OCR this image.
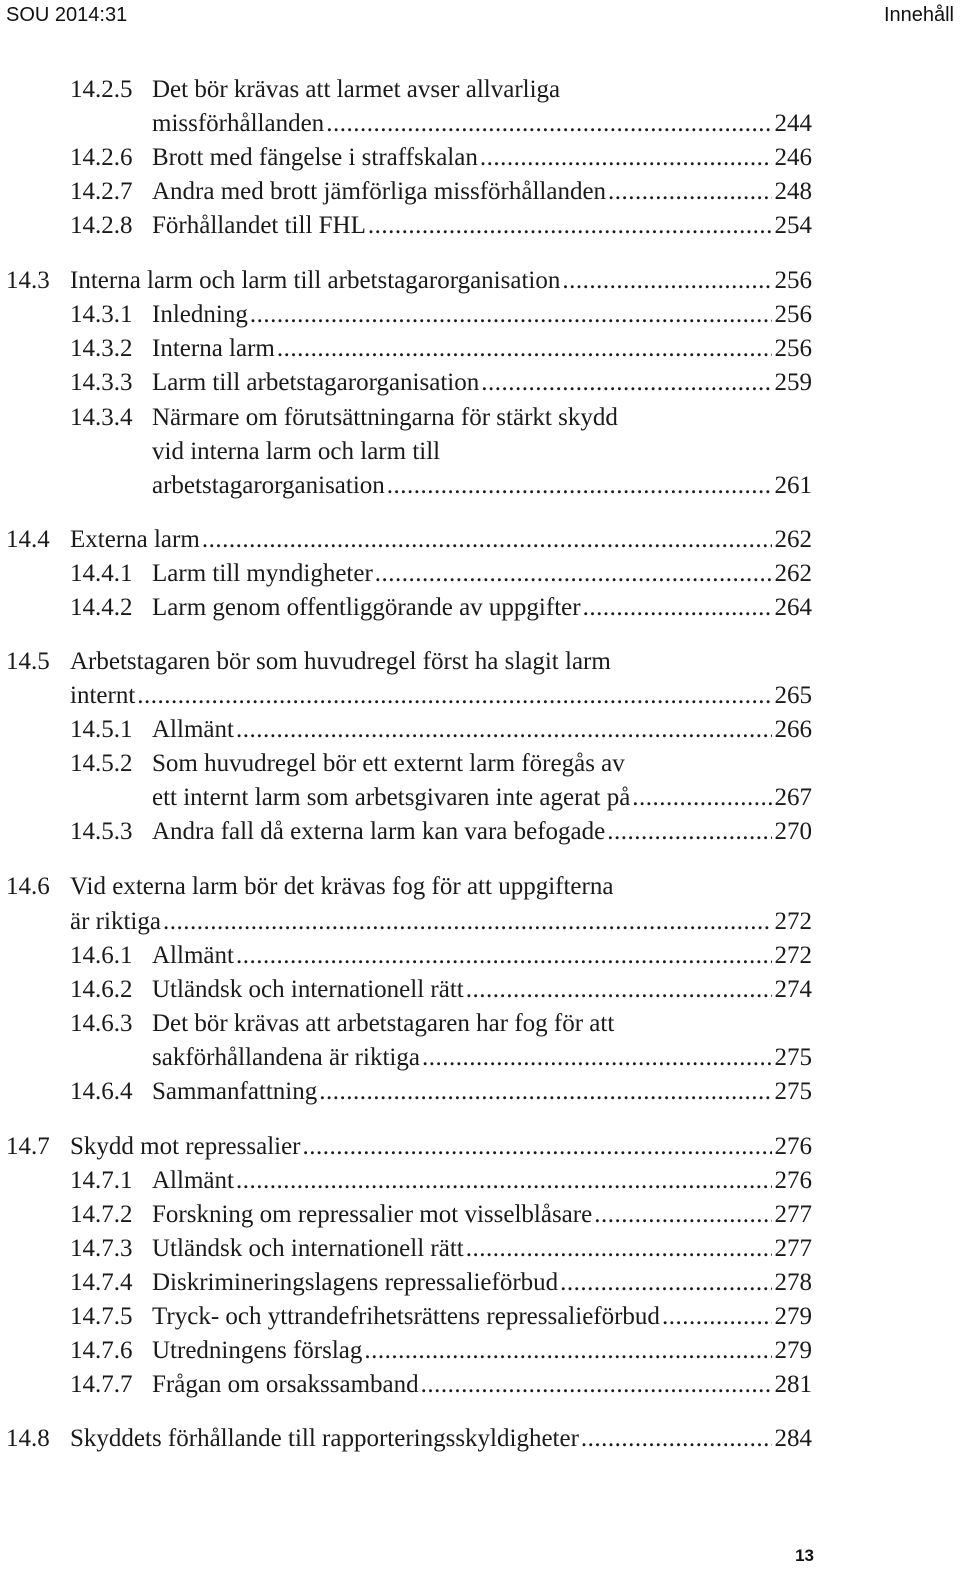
SOU 2014:31	Innehåll
14.2.5 Det bör krävas att larmet avser allvarliga
missförhållanden .....	244
14.2.6 Brott med fängelse i straffskalan .....	246
14.2.7 Andra med brott jämförliga missförhållanden .....	248
14.2.8 Förhållandet till FHL .....	254
14.3 Interna larm och larm till arbetstagarorganisation .....	256
14.3.1 Inledning .....	256
14.3.2 Interna larm .....	256
14.3.3 Larm till arbetstagarorganisation .....	259
14.3.4 Närmare om förutsättningarna för stärkt skydd
vid interna larm och larm till
arbetstagarorganisation .....	261
14.4 Externa larm .....	262
14.4.1 Larm till myndigheter .....	262
14.4.2 Larm genom offentliggörande av uppgifter .....	264
14.5 Arbetstagaren bör som huvudregel först ha slagit larm
internt .....	265
14.5.1 Allmänt .....	266
14.5.2 Som huvudregel bör ett externt larm föregås av
ett internt larm som arbetsgivaren inte agerat på .....	267
14.5.3 Andra fall då externa larm kan vara befogade .....	270
14.6 Vid externa larm bör det krävas fog för att uppgifterna
är riktiga .....	272
14.6.1 Allmänt .....	272
14.6.2 Utländsk och internationell rätt .....	274
14.6.3 Det bör krävas att arbetstagaren har fog för att
sakförhållandena är riktiga .....	275
14.6.4 Sammanfattning .....	275
14.7 Skydd mot repressalier .....	276
14.7.1 Allmänt .....	276
14.7.2 Forskning om repressalier mot visselblåsare .....	277
14.7.3 Utländsk och internationell rätt .....	277
14.7.4 Diskrimineringslagens repressalieförbud .....	278
14.7.5 Tryck- och yttrandefrihetsrättens repressalieförbud .....	279
14.7.6 Utredningens förslag .....	279
14.7.7 Frågan om orsakssamband .....	281
14.8 Skyddets förhållande till rapporteringsskyldigheter .....	284
13
